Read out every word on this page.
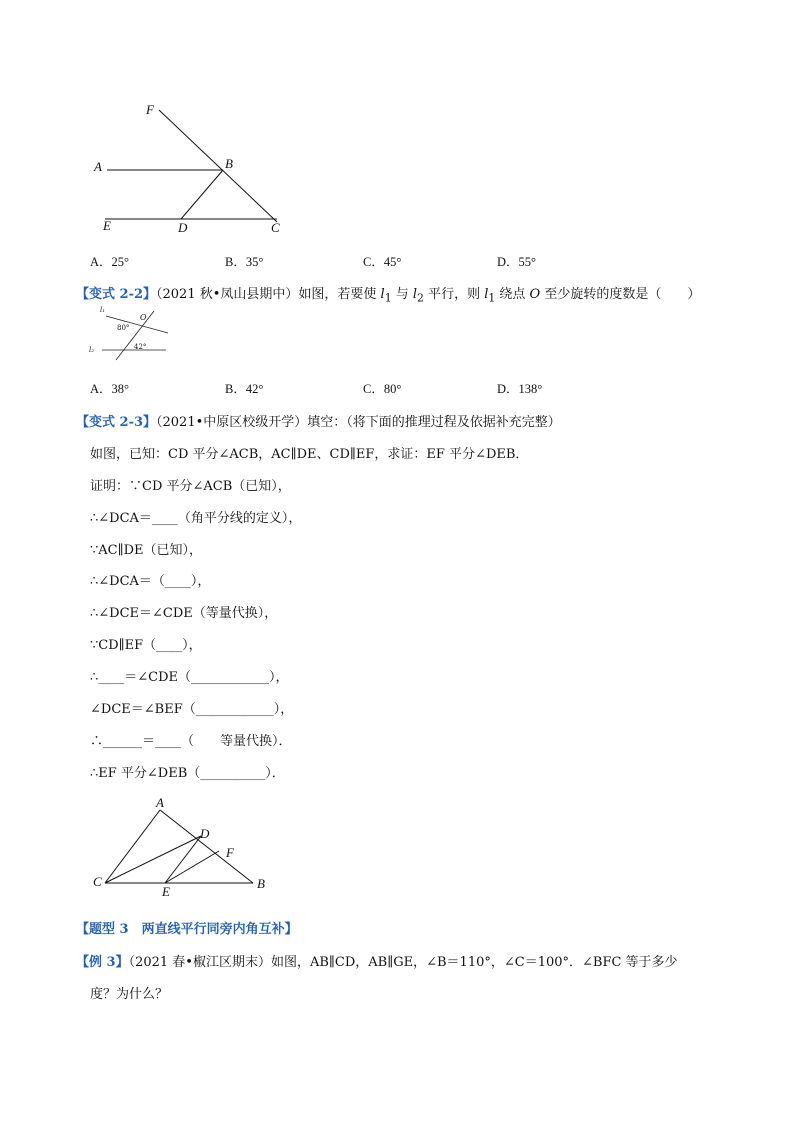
F
A	B
E	D	C
A．25°	B．35°	C．45°	D．55°
【变式 2-2】（2021 秋•凤山县期中）如图，若要使 $l_1$ 与 $l_2$ 平行，则 $l_1$ 绕点 O 至少旋转的度数是（　　）
l₁
l₂
O
80°
42°
A．38°	B．42°	C．80°	D．138°
【变式 2-3】（2021•中原区校级开学）填空：（将下面的推理过程及依据补充完整）
如图，已知：CD 平分∠ACB，AC∥DE、CD∥EF，求证：EF 平分∠DEB．
证明：∵CD 平分∠ACB（已知），
∴∠DCA＝____（角平分线的定义），
∵AC∥DE（已知），
∴∠DCA＝（____），
∴∠DCE＝∠CDE（等量代换），
∵CD∥EF（____），
∴____＝∠CDE（____________），
∠DCE＝∠BEF（____________），
∴______＝____（　　等量代换）．
∴EF 平分∠DEB（__________）．
A
D
F
C
E
B
【题型 3　两直线平行同旁内角互补】
【例 3】（2021 春•椒江区期末）如图，AB∥CD，AB∥GE，∠B＝110°，∠C＝100°．∠BFC 等于多少
度？为什么？
